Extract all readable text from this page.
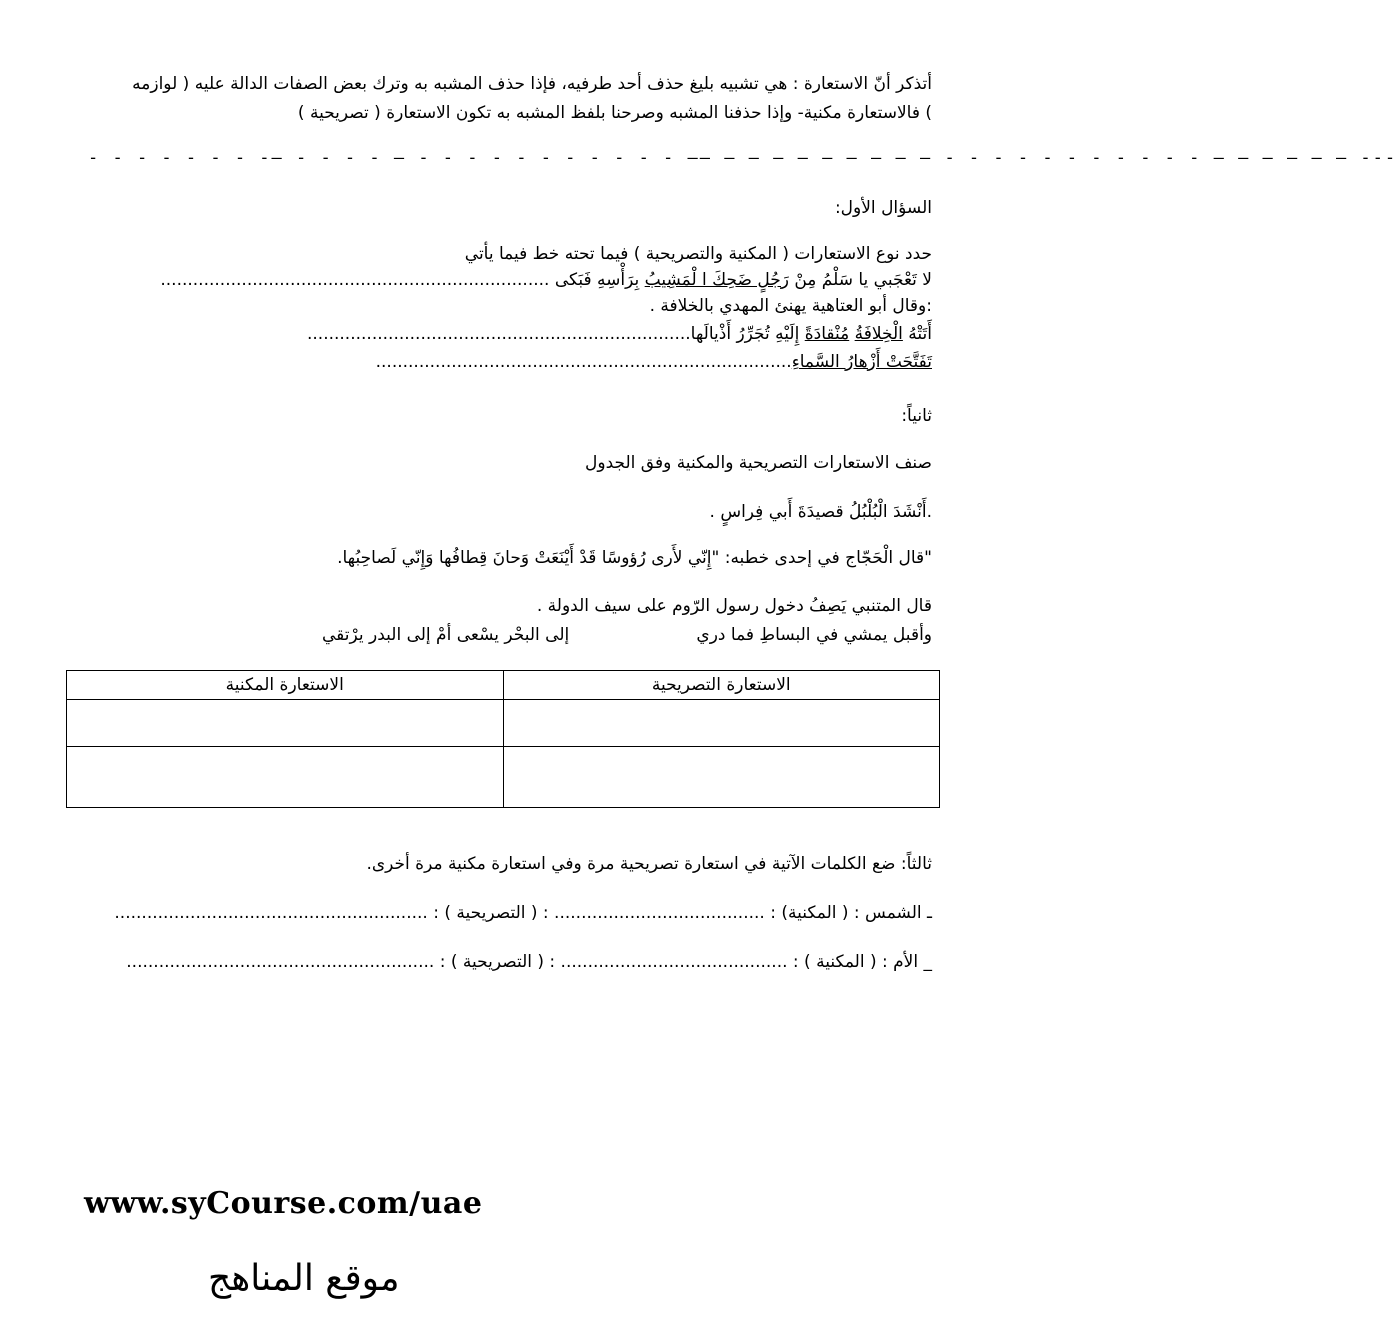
أتذكر أنّ الاستعارة : هي تشبيه بليغ حذف أحد طرفيه، فإذا حذف المشبه به وترك بعض الصفات الدالة عليه ( لوازمه
) فالاستعارة مكنية- وإذا حذفنا المشبه وصرحنا بلفظ المشبه به تكون الاستعارة ( تصريحية )
- - - - - - - -– - - - - — - - - - - - - - - - - —– — – — — – — – — – - - - - - - - - - - - – — – — – — ---
السؤال الأول:
حدد نوع الاستعارات ( المكنية والتصريحية ) فيما تحته خط فيما يأتي
لا تَعْجَبي يا سَلْمُ مِنْ رَجُلٍ ضَحِكَ ا لْمَشِيبُ بِرَأْسِهِ فَبَكى ........................................................................
:وقال أبو العتاهية يهنئ المهدي بالخلافة .
أَتَتْهُ الْخِلافَةُ مُنْقادَةً إِلَيْهِ تُجَرِّرُ أَذْيالَها.......................................................................
تَفَتَّحَتْ أَزْهارُ السَّماءِ.............................................................................
ثانياً:
صنف الاستعارات التصريحية والمكنية وفق الجدول
.أَنْشَدَ الْبُلْبُلُ قصيدَةَ أَبي فِراسٍ .
"قال الْحَجّاج في إحدى خطبه: "إِنّي لأَرى رُؤوسًا قَدْ أَيْنَعَتْ وَحانَ قِطافُها وَإِنّي لَصاحِبُها.
قال المتنبي يَصِفُ دخول رسول الرّوم على سيف الدولة .
وأقبل يمشي في البساطِ فما دري
إلى البحْر يسْعى أمْ إلى البدر يرْتقي
الاستعارة التصريحية	الاستعارة المكنية

ثالثاً: ضع الكلمات الآتية في استعارة تصريحية مرة وفي استعارة مكنية مرة أخرى.
ـ الشمس : ( المكنية) : ....................................... : ( التصريحية ) : ..........................................................
_ الأم : ( المكنية ) : .......................................... : ( التصريحية ) : .........................................................
www.syCourse.com/uae
موقع المناهج
